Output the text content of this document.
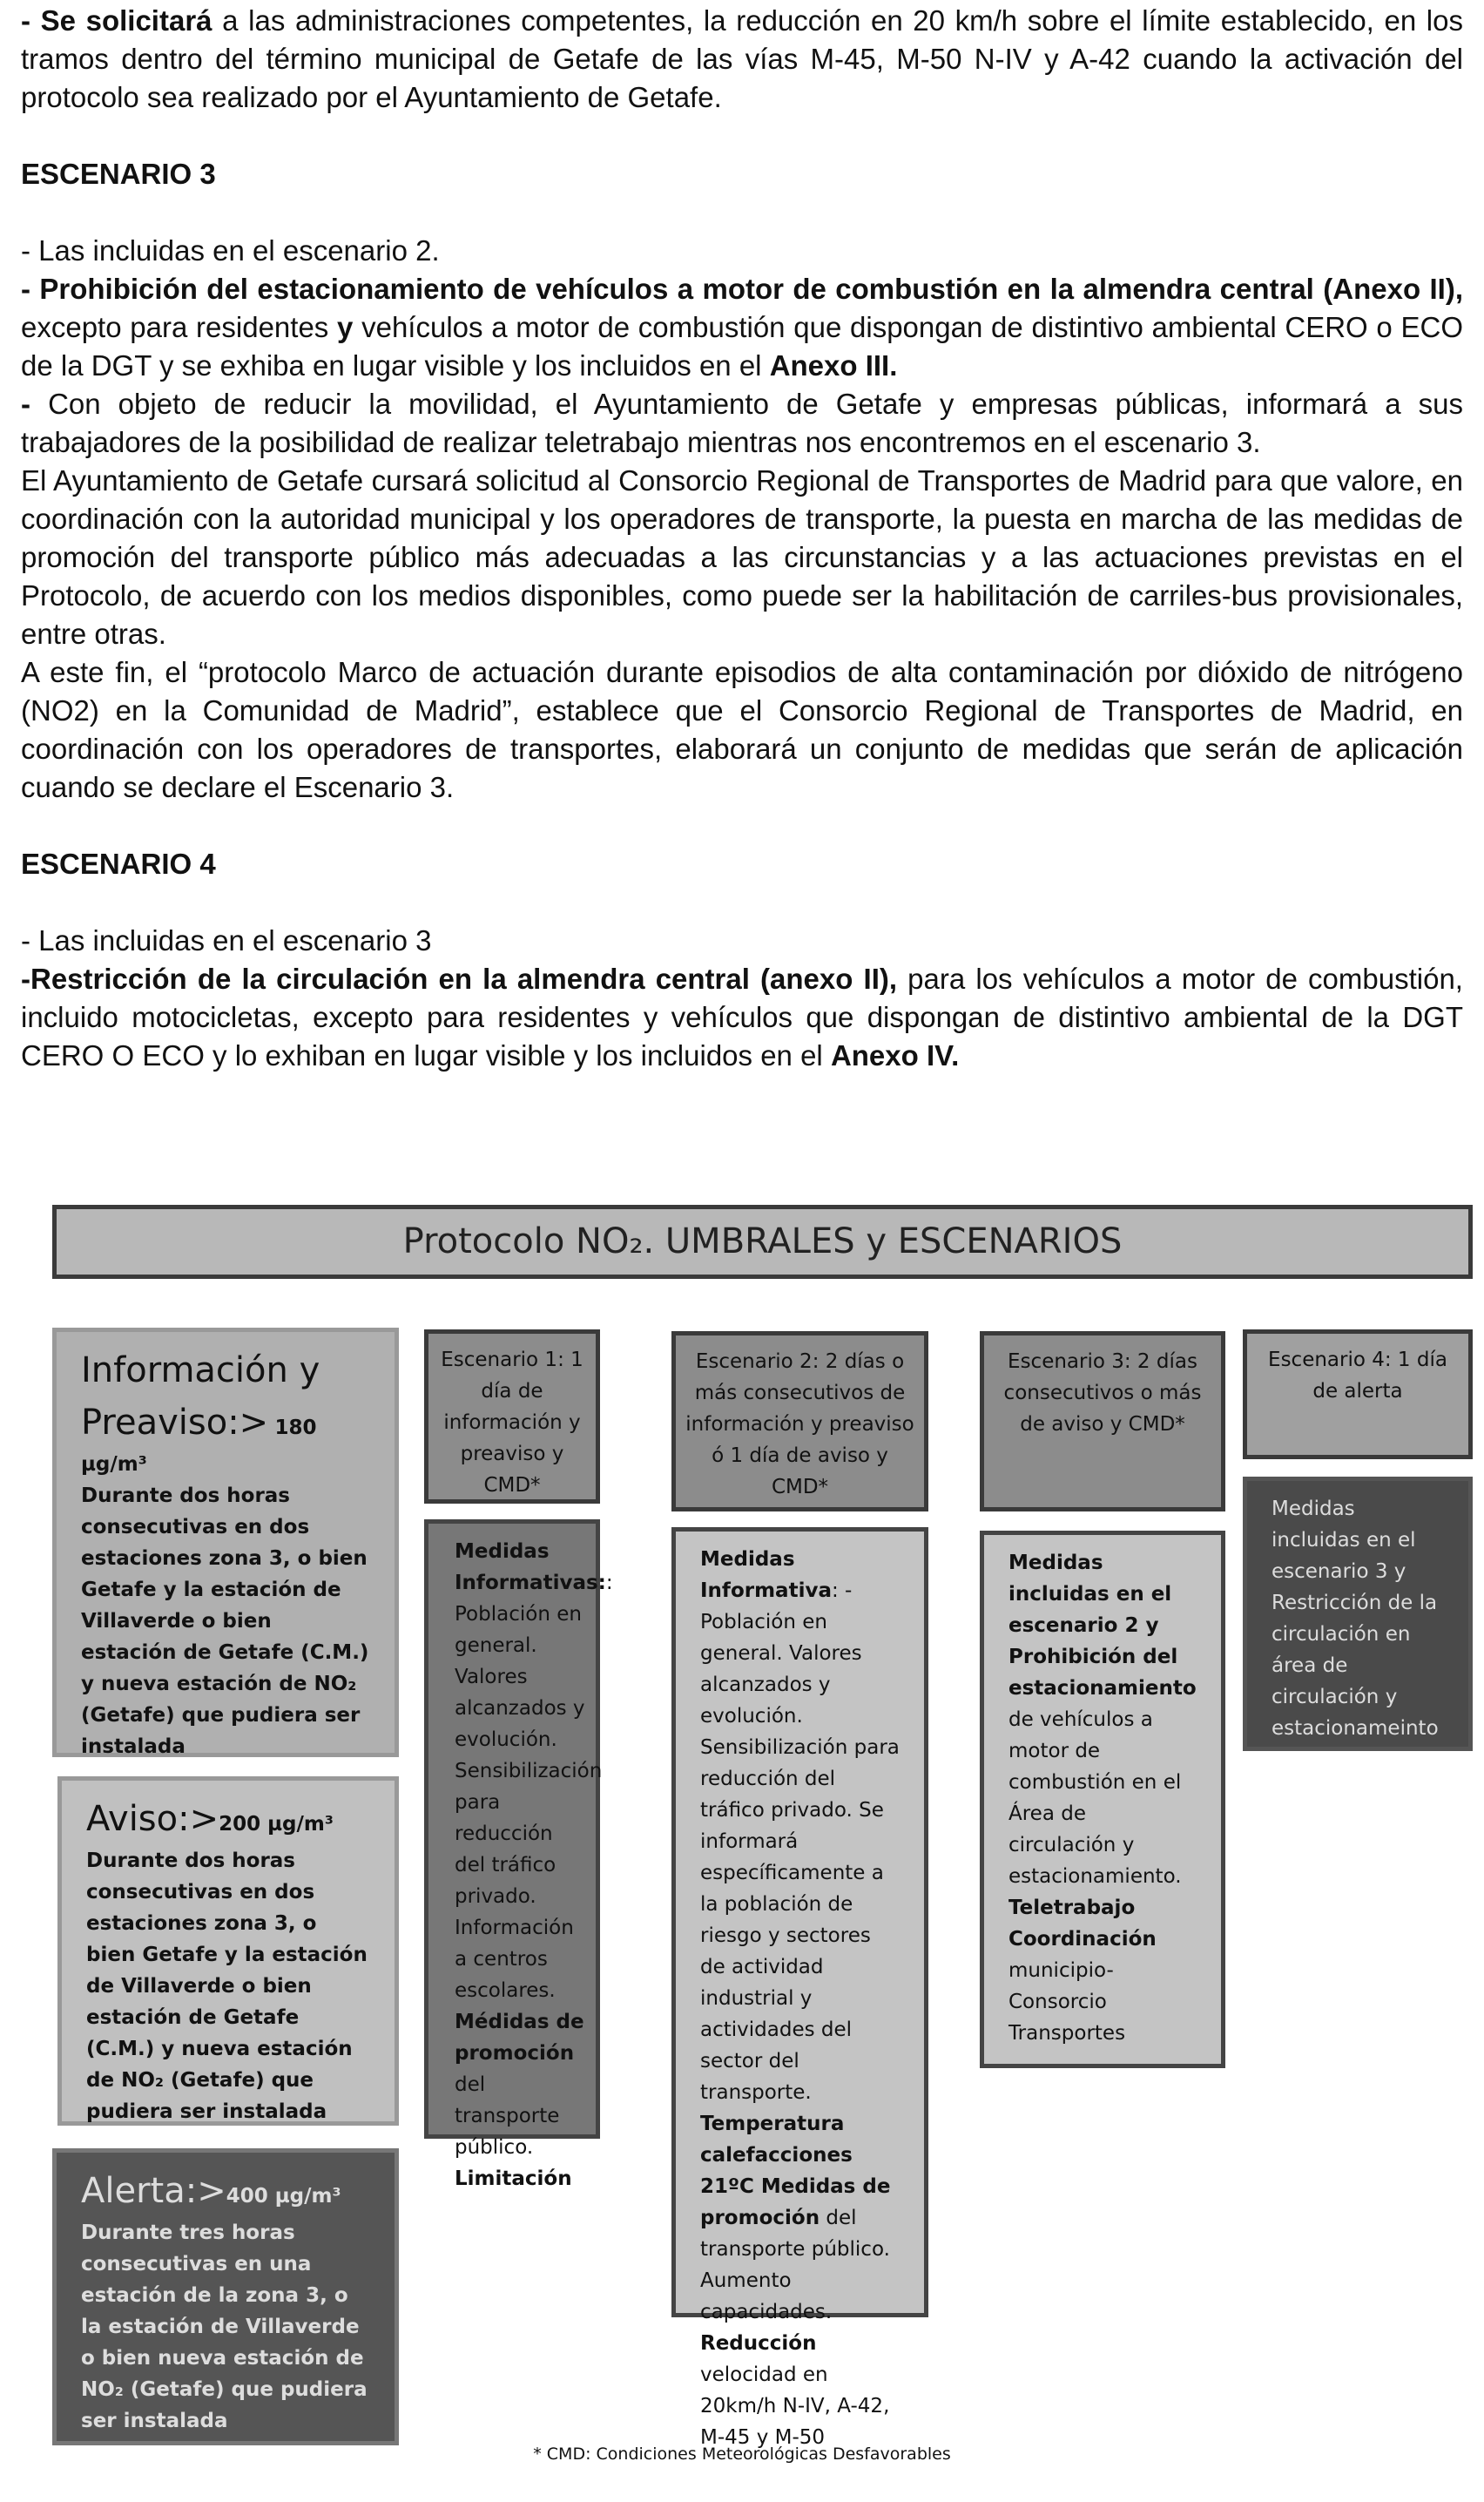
- Se solicitará a las administraciones competentes, la reducción en 20 km/h sobre el límite establecido, en los tramos dentro del término municipal de Getafe de las vías M-45, M-50 N-IV y A-42 cuando la activación del protocolo sea realizado por el Ayuntamiento de Getafe.

ESCENARIO 3

- Las incluidas en el escenario 2.

- Prohibición del estacionamiento de vehículos a motor de combustión en la almendra central (Anexo II), excepto para residentes y vehículos a motor de combustión que dispongan de distintivo ambiental CERO o ECO de la DGT y se exhiba en lugar visible y los incluidos en el Anexo III.

- Con objeto de reducir la movilidad, el Ayuntamiento de Getafe y empresas públicas, informará a sus trabajadores de la posibilidad de realizar teletrabajo mientras nos encontremos en el escenario 3.

El Ayuntamiento de Getafe cursará solicitud al Consorcio Regional de Transportes de Madrid para que valore, en coordinación con la autoridad municipal y los operadores de transporte, la puesta en marcha de las medidas de promoción del transporte público más adecuadas a las circunstancias y a las actuaciones previstas en el Protocolo, de acuerdo con los medios disponibles, como puede ser la habilitación de carriles-bus provisionales, entre otras.

A este fin, el “protocolo Marco de actuación durante episodios de alta contaminación por dióxido de nitrógeno (NO2) en la Comunidad de Madrid”, establece que el Consorcio Regional de Transportes de Madrid, en coordinación con los operadores de transportes, elaborará un conjunto de medidas que serán de aplicación cuando se declare el Escenario 3.

ESCENARIO 4

- Las incluidas en el escenario 3

-Restricción de la circulación en la almendra central (anexo II), para los vehículos a motor de combustión, incluido motocicletas, excepto para residentes y vehículos que dispongan de distintivo ambiental de la DGT CERO O ECO y lo exhiban en lugar visible y los incluidos en el Anexo IV.

Protocolo NO₂. UMBRALES y ESCENARIOS
Información y Preaviso:> 180 µg/m³
Durante dos horas consecutivas en dos estaciones zona 3, o bien Getafe y la estación de Villaverde o bien estación de Getafe (C.M.) y nueva estación de NO₂ (Getafe) que pudiera ser instalada
Aviso:>200 µg/m³
Durante dos horas consecutivas en dos estaciones zona 3, o bien Getafe y la estación de Villaverde o bien estación de Getafe (C.M.) y nueva estación de NO₂ (Getafe) que pudiera ser instalada
Alerta:>400 µg/m³
Durante tres horas consecutivas en una estación de la zona 3, o la estación de Villaverde o bien nueva estación de NO₂ (Getafe) que pudiera ser instalada
Escenario 1: 1 día de información y preaviso y CMD*
Medidas Informativas:: Población en general. Valores alcanzados y evolución. Sensibilización para reducción del tráfico privado. Información a centros escolares. Médidas de promoción del transporte público. Limitación
Escenario 2: 2 días o más consecutivos de información y preaviso ó 1 día de aviso y CMD*
Medidas Informativa: - Población en general. Valores alcanzados y evolución. Sensibilización para reducción del tráfico privado. Se informará específicamente a la población de riesgo y sectores de actividad industrial y actividades del sector del transporte. Temperatura calefacciones 21ºC Medidas de promoción del transporte público. Aumento capacidades. Reducción velocidad en 20km/h N-IV, A-42, M-45 y M-50
Escenario 3: 2 días consecutivos o más de aviso y CMD*
Medidas incluidas en el escenario 2 y Prohibición del estacionamiento de vehículos a motor de combustión en el Área de circulación y estacionamiento. Teletrabajo Coordinación municipio-Consorcio Transportes
Escenario 4: 1 día de alerta
Medidas incluidas en el escenario 3 y Restricción de la circulación en área de circulación y estacionameinto
* CMD: Condiciones Meteorológicas Desfavorables
